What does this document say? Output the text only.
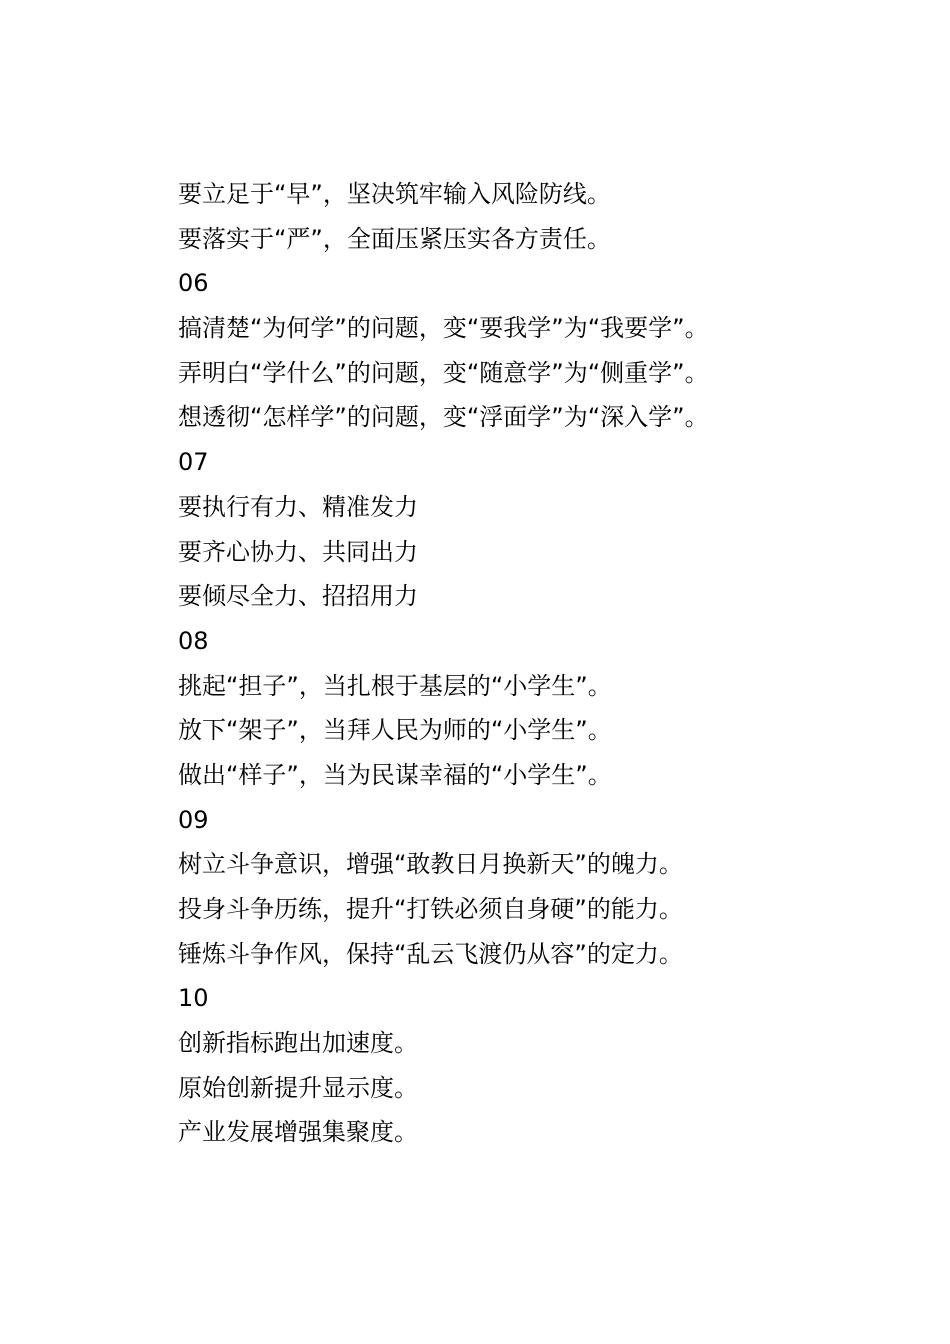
要立足于“早”，坚决筑牢输入风险防线。
要落实于“严”，全面压紧压实各方责任。
06
搞清楚“为何学”的问题，变“要我学”为“我要学”。
弄明白“学什么”的问题，变“随意学”为“侧重学”。
想透彻“怎样学”的问题，变“浮面学”为“深入学”。
07
要执行有力、精准发力
要齐心协力、共同出力
要倾尽全力、招招用力
08
挑起“担子”，当扎根于基层的“小学生”。
放下“架子”，当拜人民为师的“小学生”。
做出“样子”，当为民谋幸福的“小学生”。
09
树立斗争意识，增强“敢教日月换新天”的魄力。
投身斗争历练，提升“打铁必须自身硬”的能力。
锤炼斗争作风，保持“乱云飞渡仍从容”的定力。
10
创新指标跑出加速度。
原始创新提升显示度。
产业发展增强集聚度。
